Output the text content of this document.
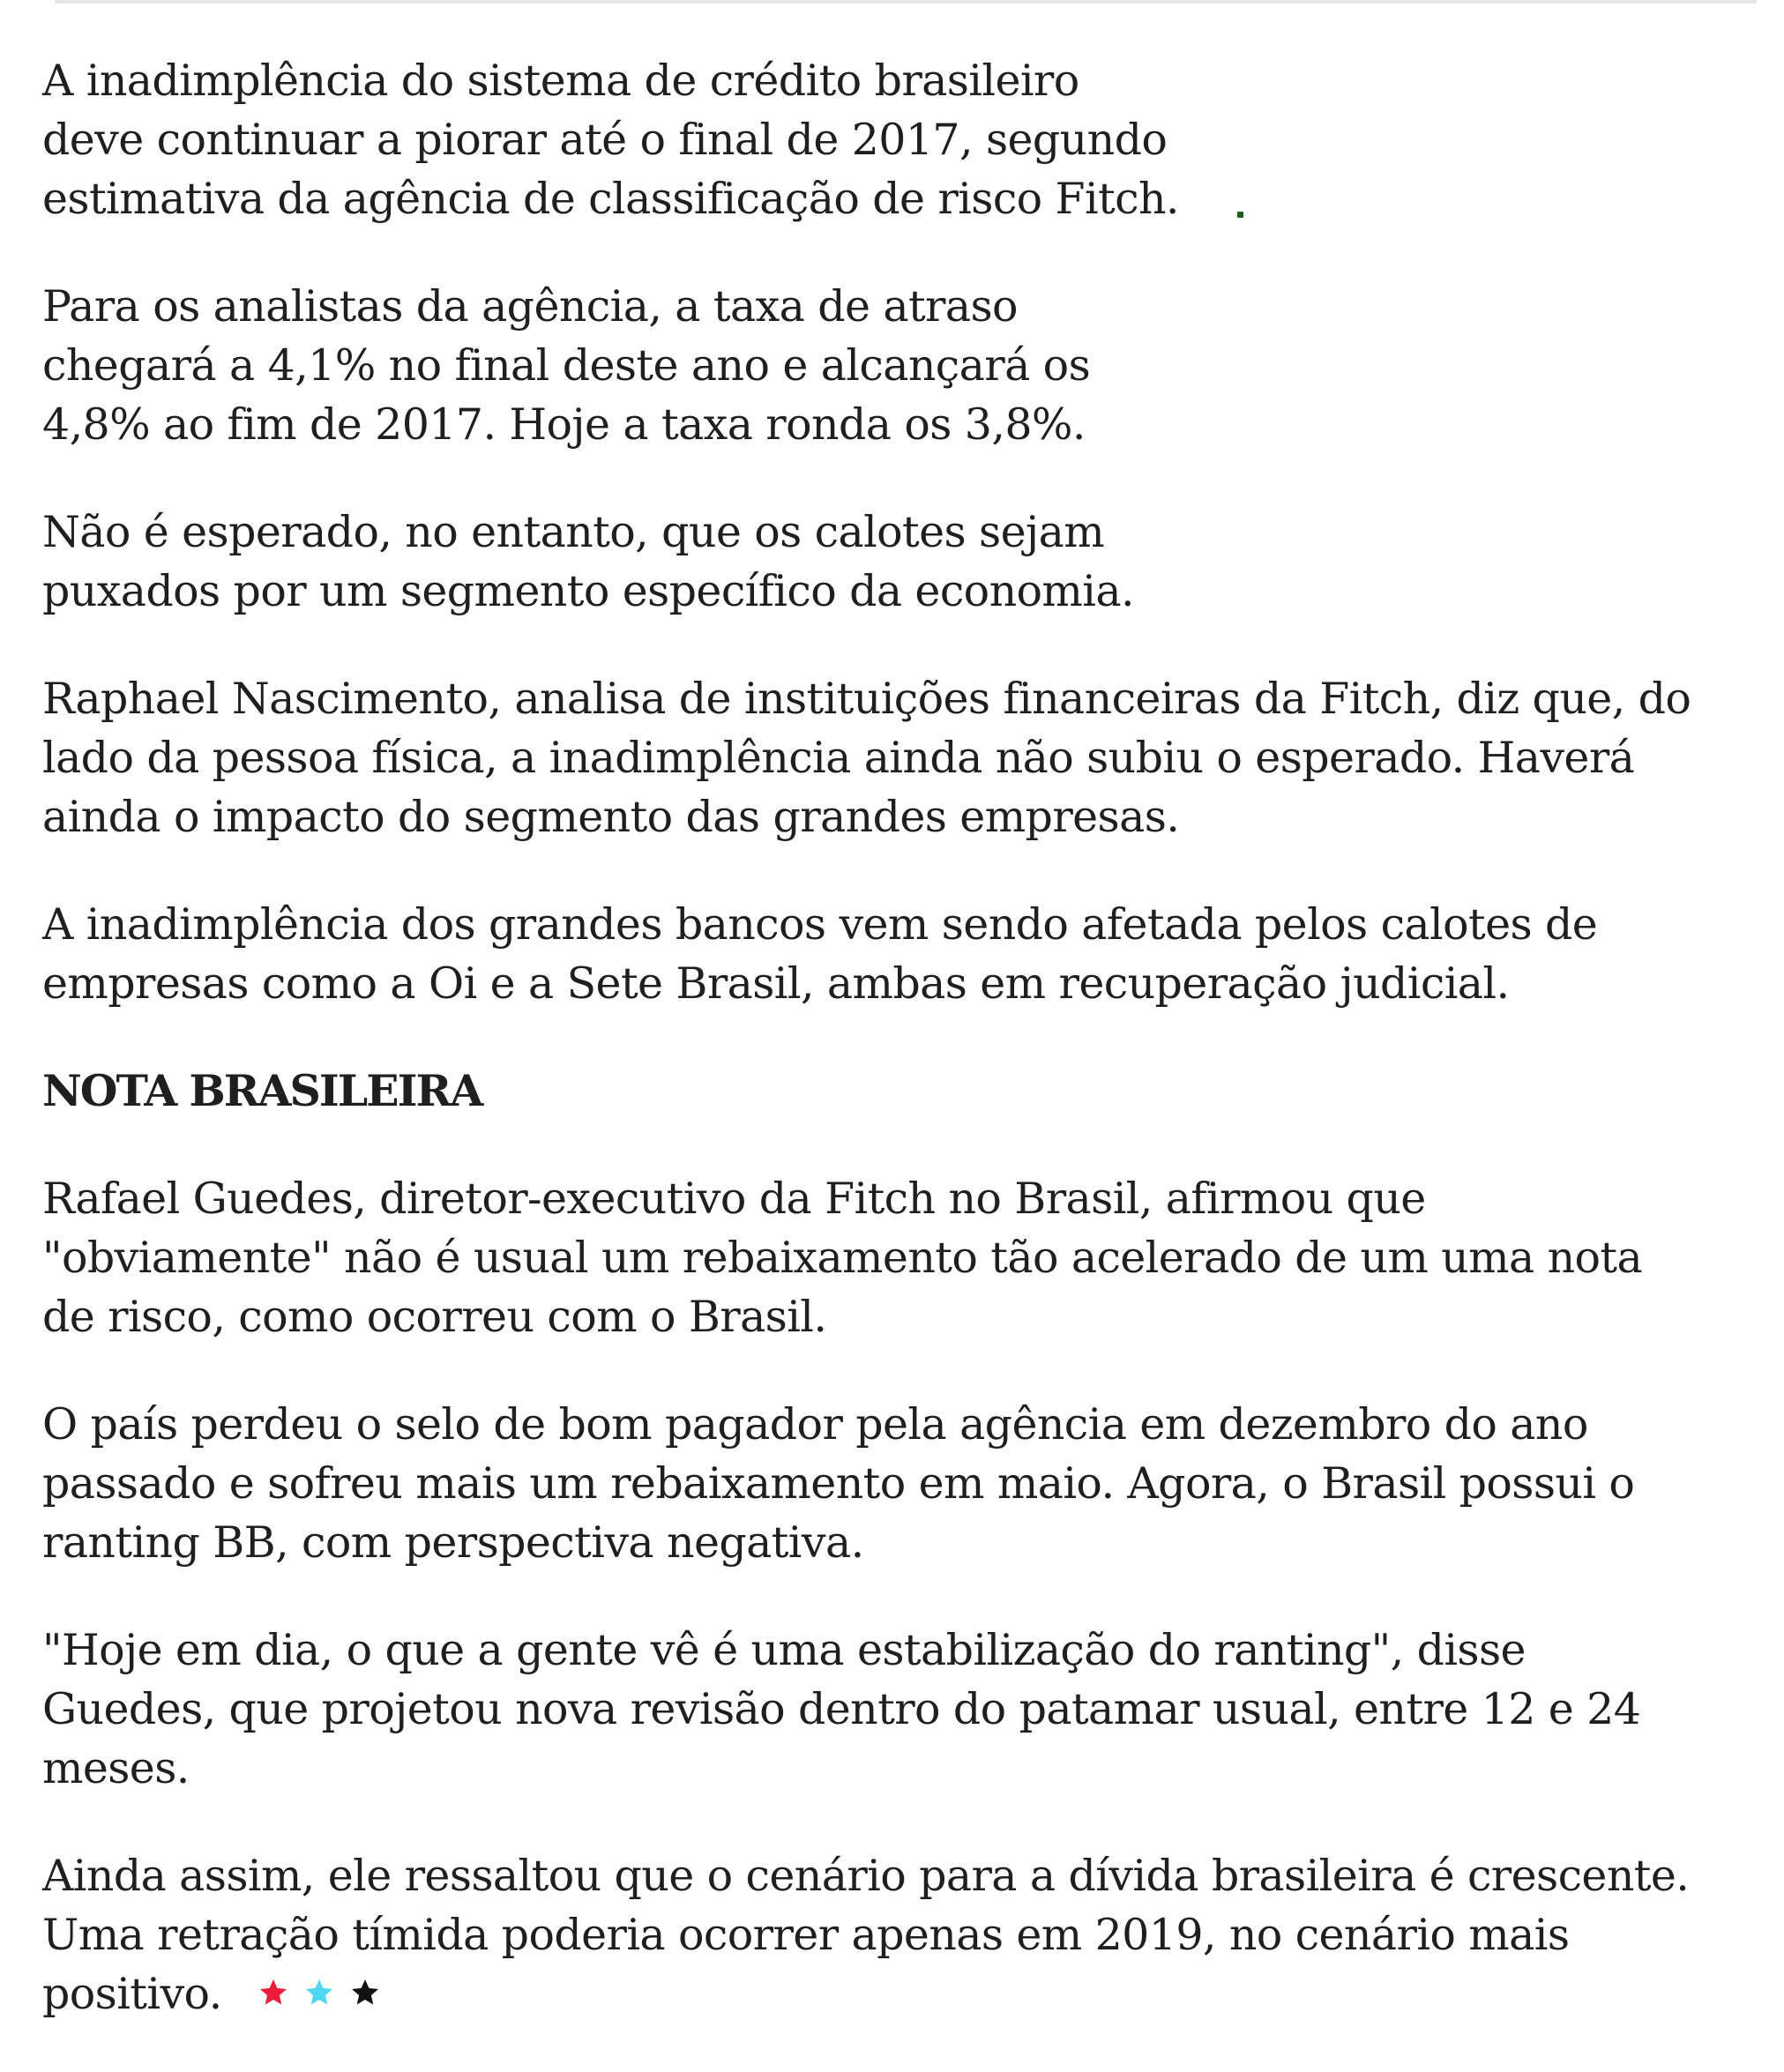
A inadimplência do sistema de crédito brasileiro
deve continuar a piorar até o final de 2017, segundo
estimativa da agência de classificação de risco Fitch.

Para os analistas da agência, a taxa de atraso
chegará a 4,1% no final deste ano e alcançará os
4,8% ao fim de 2017. Hoje a taxa ronda os 3,8%.

Não é esperado, no entanto, que os calotes sejam
puxados por um segmento específico da economia.

Raphael Nascimento, analisa de instituições financeiras da Fitch, diz que, do
lado da pessoa física, a inadimplência ainda não subiu o esperado. Haverá
ainda o impacto do segmento das grandes empresas.

A inadimplência dos grandes bancos vem sendo afetada pelos calotes de
empresas como a Oi e a Sete Brasil, ambas em recuperação judicial.

NOTA BRASILEIRA

Rafael Guedes, diretor-executivo da Fitch no Brasil, afirmou que
"obviamente" não é usual um rebaixamento tão acelerado de um uma nota
de risco, como ocorreu com o Brasil.

O país perdeu o selo de bom pagador pela agência em dezembro do ano
passado e sofreu mais um rebaixamento em maio. Agora, o Brasil possui o
ranting BB, com perspectiva negativa.

"Hoje em dia, o que a gente vê é uma estabilização do ranting", disse
Guedes, que projetou nova revisão dentro do patamar usual, entre 12 e 24
meses.

Ainda assim, ele ressaltou que o cenário para a dívida brasileira é crescente.
Uma retração tímida poderia ocorrer apenas em 2019, no cenário mais
positivo.
